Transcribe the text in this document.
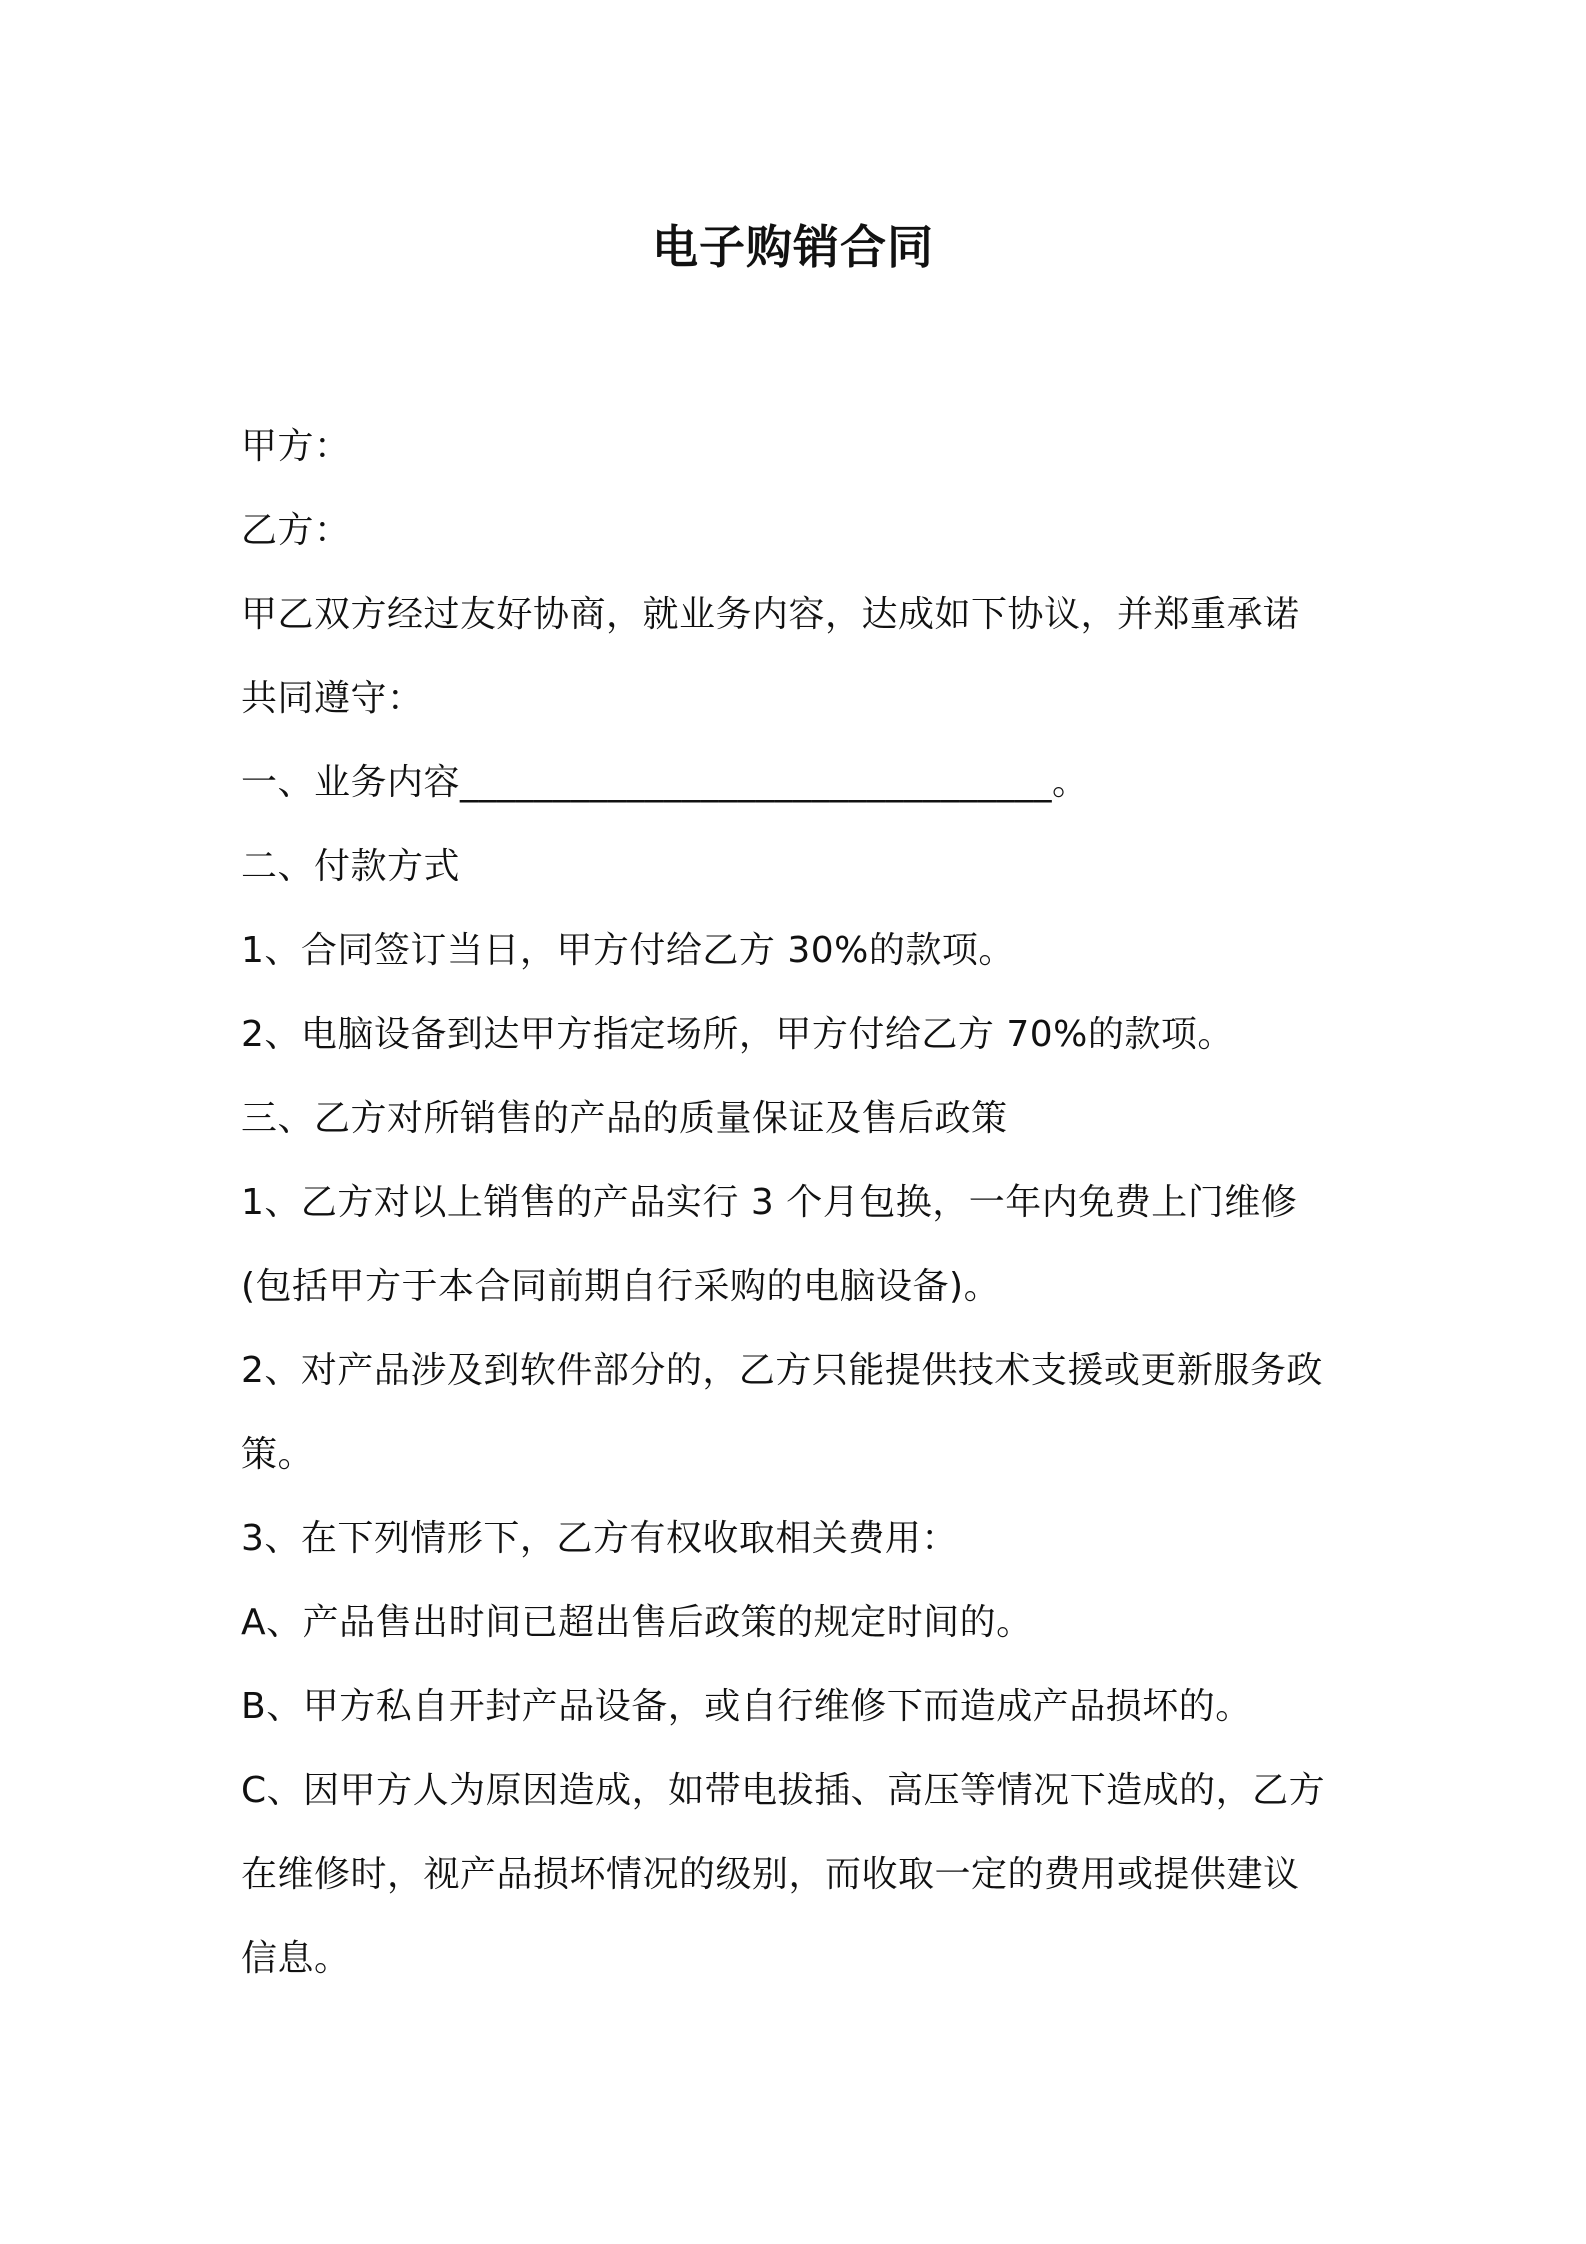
电子购销合同
甲方：
乙方：
甲乙双方经过友好协商，就业务内容，达成如下协议，并郑重承诺
共同遵守：
一、业务内容________________________________。
二、付款方式
1、合同签订当日，甲方付给乙方 30%的款项。
2、电脑设备到达甲方指定场所，甲方付给乙方 70%的款项。
三、乙方对所销售的产品的质量保证及售后政策
1、乙方对以上销售的产品实行 3 个月包换，一年内免费上门维修
(包括甲方于本合同前期自行采购的电脑设备)。
2、对产品涉及到软件部分的，乙方只能提供技术支援或更新服务政
策。
3、在下列情形下，乙方有权收取相关费用：
A、产品售出时间已超出售后政策的规定时间的。
B、甲方私自开封产品设备，或自行维修下而造成产品损坏的。
C、因甲方人为原因造成，如带电拔插、高压等情况下造成的，乙方
在维修时，视产品损坏情况的级别，而收取一定的费用或提供建议
信息。
